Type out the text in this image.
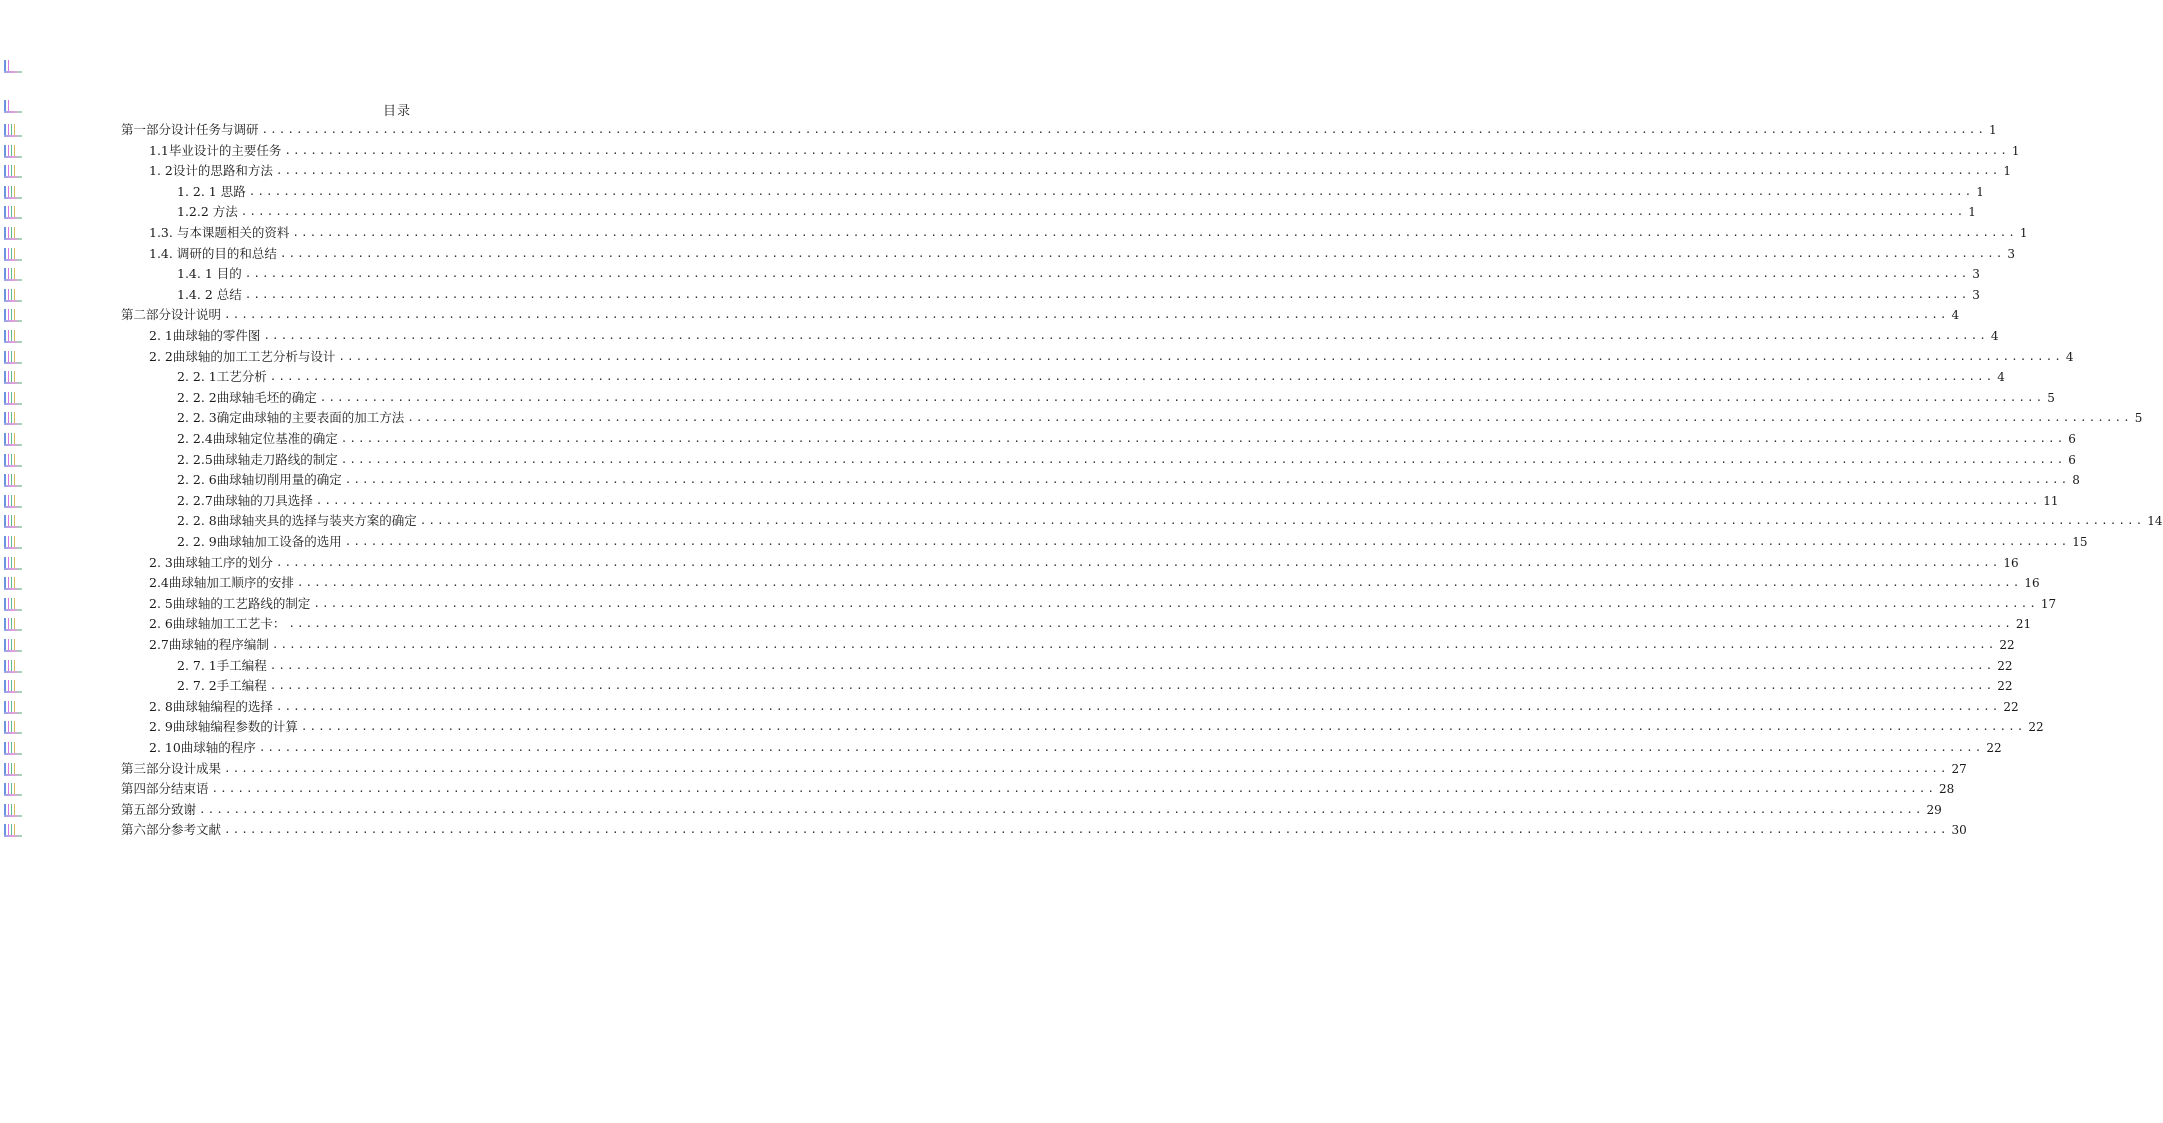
目录
第一部分设计任务与调研 ........................................................................................................................................................................................................ 1
1.1毕业设计的主要任务 ........................................................................................................................................................................................................ 1
1. 2设计的思路和方法 ........................................................................................................................................................................................................ 1
1. 2. 1 思路 ........................................................................................................................................................................................................ 1
1.2.2 方法 ........................................................................................................................................................................................................ 1
1.3. 与本课题相关的资料 ........................................................................................................................................................................................................ 1
1.4. 调研的目的和总结 ........................................................................................................................................................................................................ 3
1.4. 1 目的 ........................................................................................................................................................................................................ 3
1.4. 2 总结 ........................................................................................................................................................................................................ 3
第二部分设计说明 ........................................................................................................................................................................................................ 4
2. 1曲球轴的零件图 ........................................................................................................................................................................................................ 4
2. 2曲球轴的加工工艺分析与设计 ........................................................................................................................................................................................................ 4
2. 2. 1工艺分析 ........................................................................................................................................................................................................ 4
2. 2. 2曲球轴毛坯的确定 ........................................................................................................................................................................................................ 5
2. 2. 3确定曲球轴的主要表面的加工方法 ........................................................................................................................................................................................................ 5
2. 2.4曲球轴定位基准的确定 ........................................................................................................................................................................................................ 6
2. 2.5曲球轴走刀路线的制定 ........................................................................................................................................................................................................ 6
2. 2. 6曲球轴切削用量的确定 ........................................................................................................................................................................................................ 8
2. 2.7曲球轴的刀具选择 ........................................................................................................................................................................................................ 11
2. 2. 8曲球轴夹具的选择与装夹方案的确定 ........................................................................................................................................................................................................ 14
2. 2. 9曲球轴加工设备的选用 ........................................................................................................................................................................................................ 15
2. 3曲球轴工序的划分 ........................................................................................................................................................................................................ 16
2.4曲球轴加工顺序的安排 ........................................................................................................................................................................................................ 16
2. 5曲球轴的工艺路线的制定 ........................................................................................................................................................................................................ 17
2. 6曲球轴加工工艺卡： ........................................................................................................................................................................................................ 21
2.7曲球轴的程序编制 ........................................................................................................................................................................................................ 22
2. 7. 1手工编程 ........................................................................................................................................................................................................ 22
2. 7. 2手工编程 ........................................................................................................................................................................................................ 22
2. 8曲球轴编程的选择 ........................................................................................................................................................................................................ 22
2. 9曲球轴编程参数的计算 ........................................................................................................................................................................................................ 22
2. 10曲球轴的程序 ........................................................................................................................................................................................................ 22
第三部分设计成果 ........................................................................................................................................................................................................ 27
第四部分结束语 ........................................................................................................................................................................................................ 28
第五部分致谢 ........................................................................................................................................................................................................ 29
第六部分参考文献 ........................................................................................................................................................................................................ 30
